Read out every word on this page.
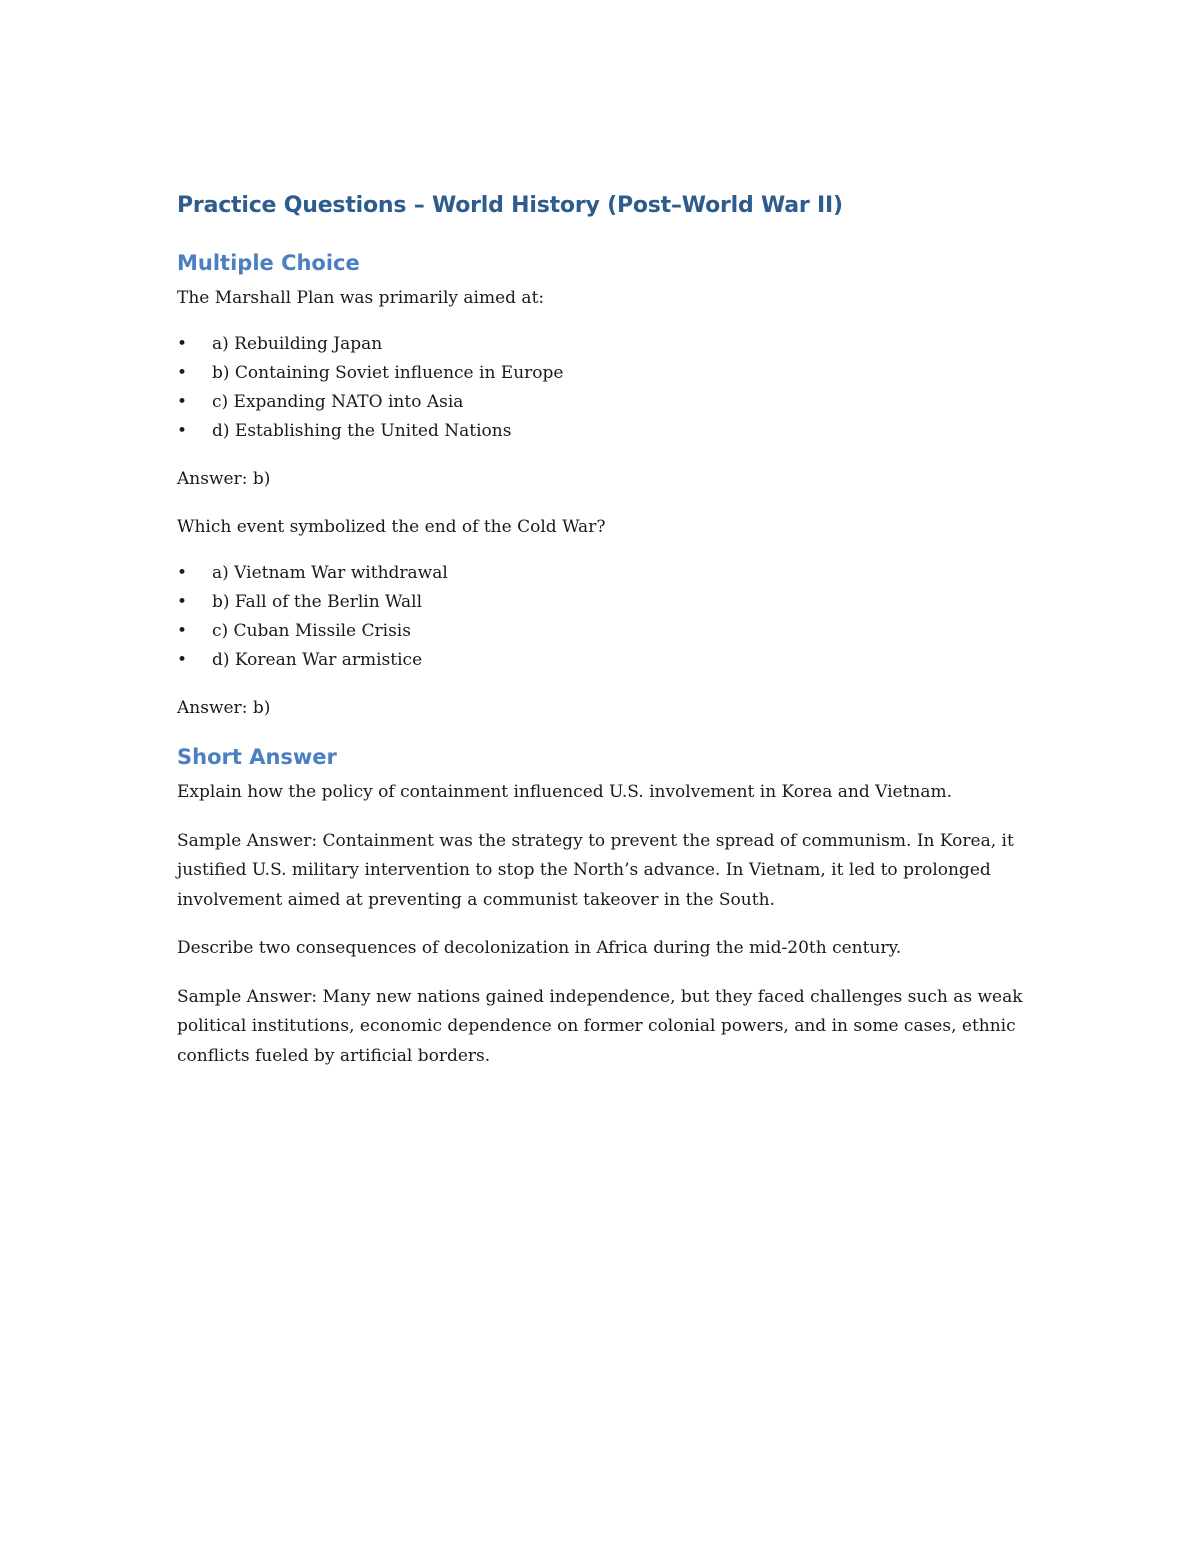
Practice Questions – World History (Post–World War II)
Multiple Choice

The Marshall Plan was primarily aimed at:

• a) Rebuilding Japan
• b) Containing Soviet influence in Europe
• c) Expanding NATO into Asia
• d) Establishing the United Nations

Answer: b)

Which event symbolized the end of the Cold War?

• a) Vietnam War withdrawal
• b) Fall of the Berlin Wall
• c) Cuban Missile Crisis
• d) Korean War armistice

Answer: b)

Short Answer

Explain how the policy of containment influenced U.S. involvement in Korea and Vietnam.

Sample Answer: Containment was the strategy to prevent the spread of communism. In Korea, it justified U.S. military intervention to stop the North’s advance. In Vietnam, it led to prolonged involvement aimed at preventing a communist takeover in the South.

Describe two consequences of decolonization in Africa during the mid-20th century.

Sample Answer: Many new nations gained independence, but they faced challenges such as weak political institutions, economic dependence on former colonial powers, and in some cases, ethnic conflicts fueled by artificial borders.
